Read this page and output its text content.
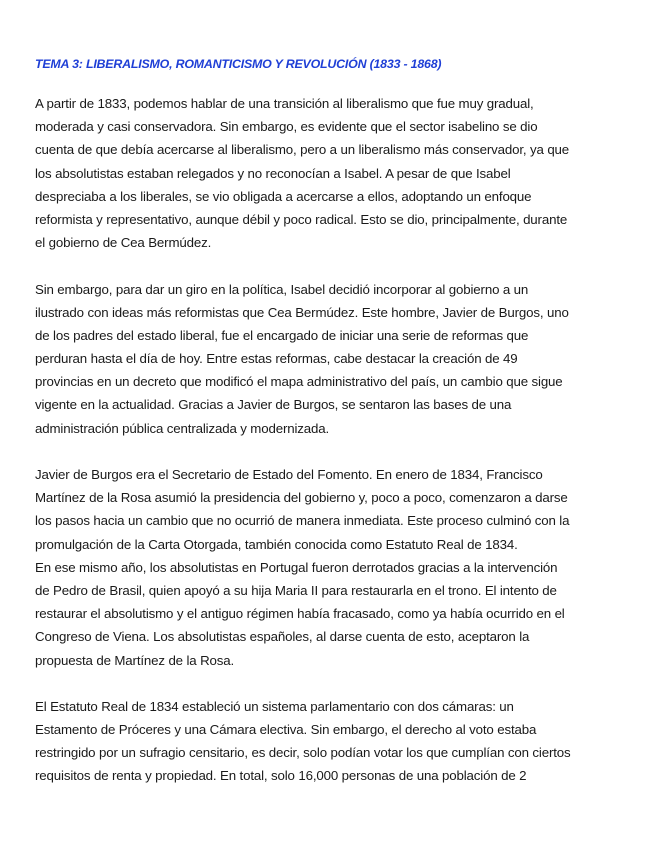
TEMA 3: LIBERALISMO, ROMANTICISMO Y REVOLUCIÓN (1833 - 1868)
A partir de 1833, podemos hablar de una transición al liberalismo que fue muy gradual,
moderada y casi conservadora. Sin embargo, es evidente que el sector isabelino se dio
cuenta de que debía acercarse al liberalismo, pero a un liberalismo más conservador, ya que
los absolutistas estaban relegados y no reconocían a Isabel. A pesar de que Isabel
despreciaba a los liberales, se vio obligada a acercarse a ellos, adoptando un enfoque
reformista y representativo, aunque débil y poco radical. Esto se dio, principalmente, durante
el gobierno de Cea Bermúdez.
Sin embargo, para dar un giro en la política, Isabel decidió incorporar al gobierno a un
ilustrado con ideas más reformistas que Cea Bermúdez. Este hombre, Javier de Burgos, uno
de los padres del estado liberal, fue el encargado de iniciar una serie de reformas que
perduran hasta el día de hoy. Entre estas reformas, cabe destacar la creación de 49
provincias en un decreto que modificó el mapa administrativo del país, un cambio que sigue
vigente en la actualidad. Gracias a Javier de Burgos, se sentaron las bases de una
administración pública centralizada y modernizada.
Javier de Burgos era el Secretario de Estado del Fomento. En enero de 1834, Francisco
Martínez de la Rosa asumió la presidencia del gobierno y, poco a poco, comenzaron a darse
los pasos hacia un cambio que no ocurrió de manera inmediata. Este proceso culminó con la
promulgación de la Carta Otorgada, también conocida como Estatuto Real de 1834.
En ese mismo año, los absolutistas en Portugal fueron derrotados gracias a la intervención
de Pedro de Brasil, quien apoyó a su hija Maria II para restaurarla en el trono. El intento de
restaurar el absolutismo y el antiguo régimen había fracasado, como ya había ocurrido en el
Congreso de Viena. Los absolutistas españoles, al darse cuenta de esto, aceptaron la
propuesta de Martínez de la Rosa.
El Estatuto Real de 1834 estableció un sistema parlamentario con dos cámaras: un
Estamento de Próceres y una Cámara electiva. Sin embargo, el derecho al voto estaba
restringido por un sufragio censitario, es decir, solo podían votar los que cumplían con ciertos
requisitos de renta y propiedad. En total, solo 16,000 personas de una población de 2
